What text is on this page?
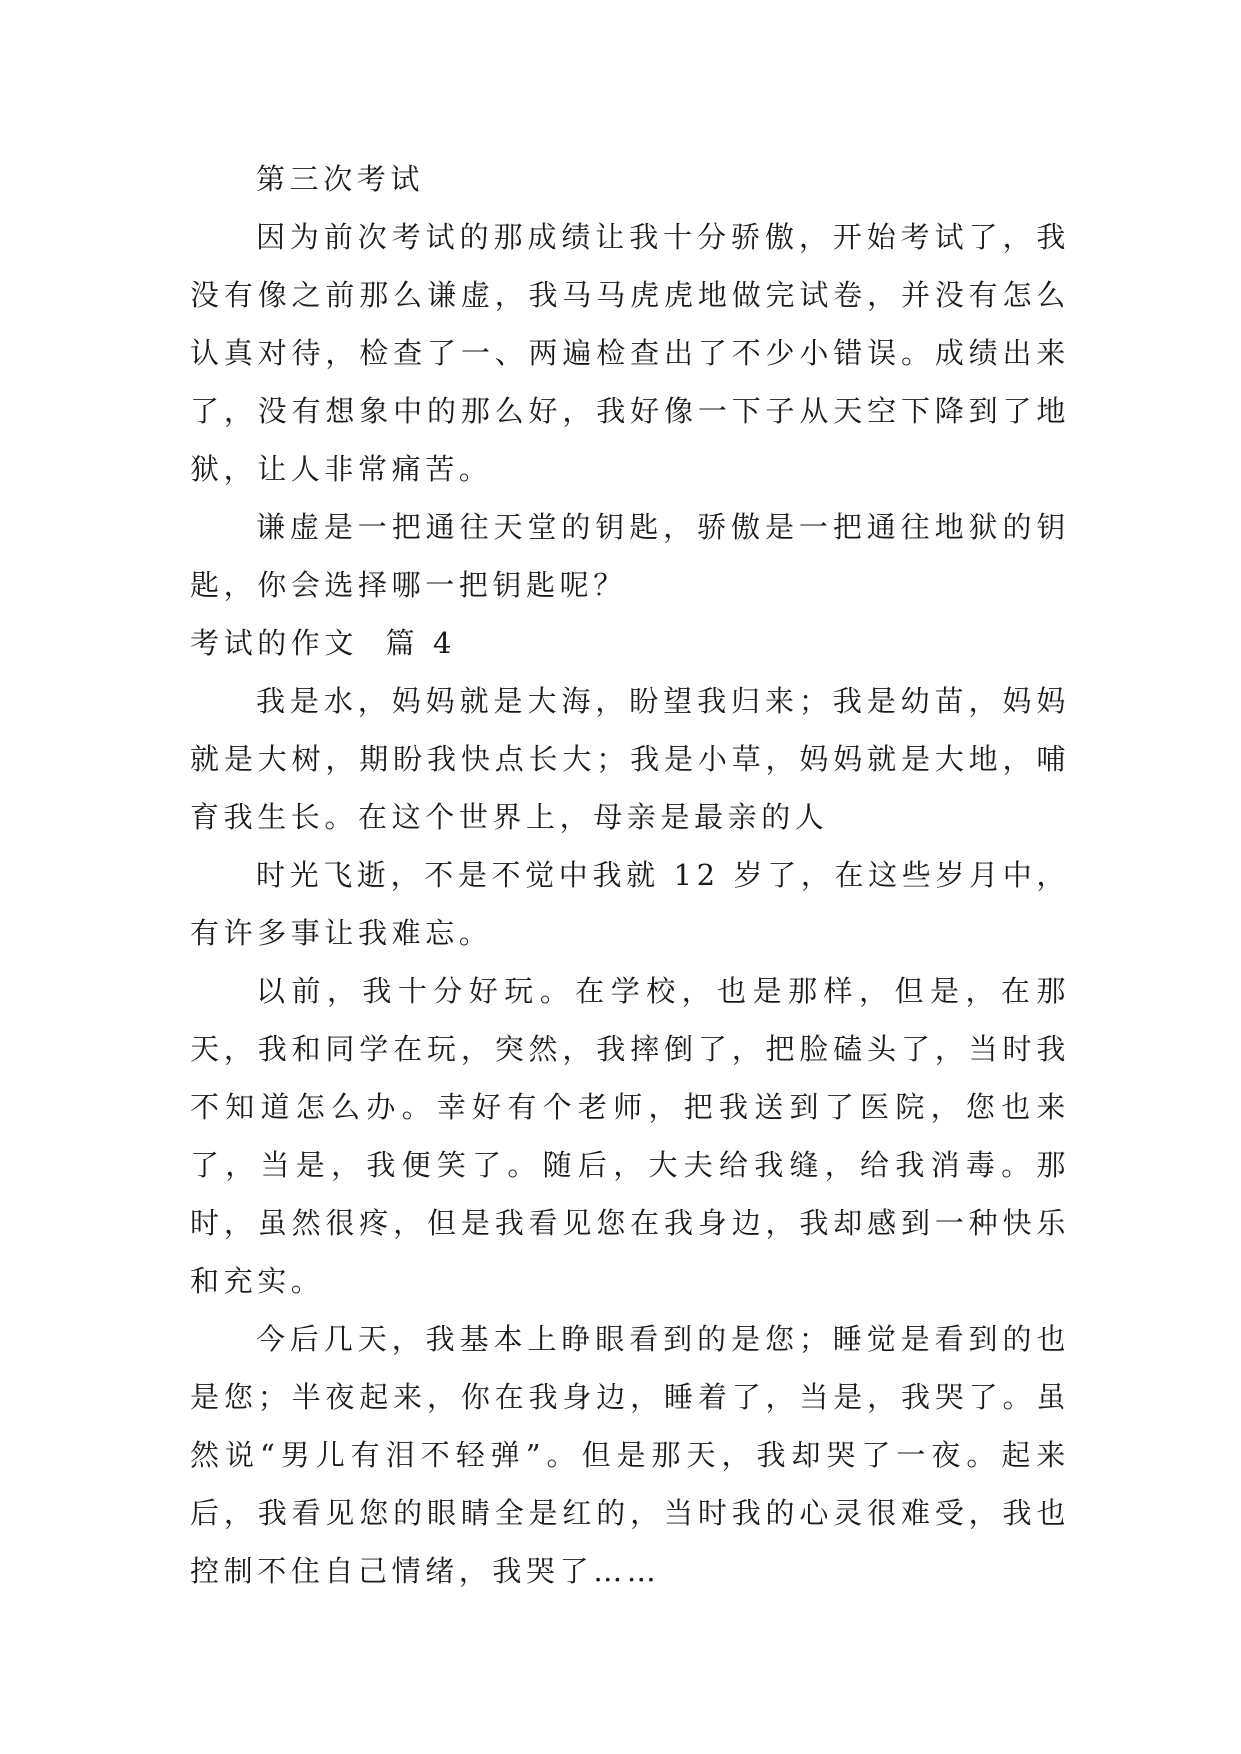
第三次考试

因为前次考试的那成绩让我十分骄傲，开始考试了，我没有像之前那么谦虚，我马马虎虎地做完试卷，并没有怎么认真对待，检查了一、两遍检查出了不少小错误。成绩出来了，没有想象中的那么好，我好像一下子从天空下降到了地狱，让人非常痛苦。

谦虚是一把通往天堂的钥匙，骄傲是一把通往地狱的钥匙，你会选择哪一把钥匙呢？

考试的作文  篇 4

我是水，妈妈就是大海，盼望我归来；我是幼苗，妈妈就是大树，期盼我快点长大；我是小草，妈妈就是大地，哺育我生长。在这个世界上，母亲是最亲的人

时光飞逝，不是不觉中我就 12 岁了，在这些岁月中，有许多事让我难忘。

以前，我十分好玩。在学校，也是那样，但是，在那天，我和同学在玩，突然，我摔倒了，把脸磕头了，当时我不知道怎么办。幸好有个老师，把我送到了医院，您也来了，当是，我便笑了。随后，大夫给我缝，给我消毒。那时，虽然很疼，但是我看见您在我身边，我却感到一种快乐和充实。

今后几天，我基本上睁眼看到的是您；睡觉是看到的也是您；半夜起来，你在我身边，睡着了，当是，我哭了。虽然说“男儿有泪不轻弹”。但是那天，我却哭了一夜。起来后，我看见您的眼睛全是红的，当时我的心灵很难受，我也控制不住自己情绪，我哭了……
